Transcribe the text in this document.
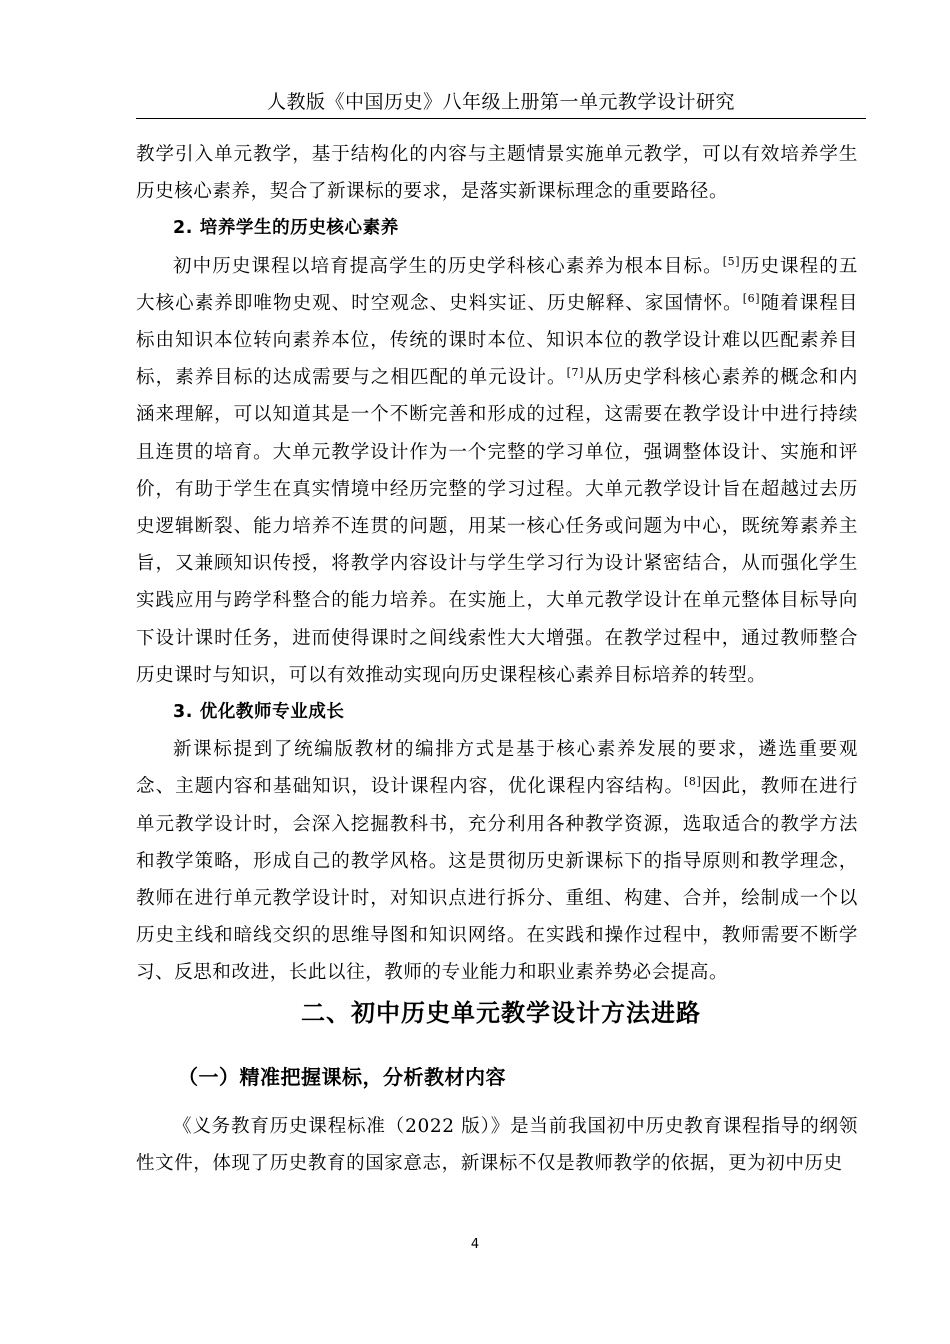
人教版《中国历史》八年级上册第一单元教学设计研究

教学引入单元教学，基于结构化的内容与主题情景实施单元教学，可以有效培养学生历史核心素养，契合了新课标的要求，是落实新课标理念的重要路径。

2. 培养学生的历史核心素养

初中历史课程以培育提高学生的历史学科核心素养为根本目标。[5]历史课程的五大核心素养即唯物史观、时空观念、史料实证、历史解释、家国情怀。[6]随着课程目标由知识本位转向素养本位，传统的课时本位、知识本位的教学设计难以匹配素养目标，素养目标的达成需要与之相匹配的单元设计。[7]从历史学科核心素养的概念和内涵来理解，可以知道其是一个不断完善和形成的过程，这需要在教学设计中进行持续且连贯的培育。大单元教学设计作为一个完整的学习单位，强调整体设计、实施和评价，有助于学生在真实情境中经历完整的学习过程。大单元教学设计旨在超越过去历史逻辑断裂、能力培养不连贯的问题，用某一核心任务或问题为中心，既统筹素养主旨，又兼顾知识传授，将教学内容设计与学生学习行为设计紧密结合，从而强化学生实践应用与跨学科整合的能力培养。在实施上，大单元教学设计在单元整体目标导向下设计课时任务，进而使得课时之间线索性大大增强。在教学过程中，通过教师整合历史课时与知识，可以有效推动实现向历史课程核心素养目标培养的转型。

3. 优化教师专业成长

新课标提到了统编版教材的编排方式是基于核心素养发展的要求，遴选重要观念、主题内容和基础知识，设计课程内容，优化课程内容结构。[8]因此，教师在进行单元教学设计时，会深入挖掘教科书，充分利用各种教学资源，选取适合的教学方法和教学策略，形成自己的教学风格。这是贯彻历史新课标下的指导原则和教学理念，教师在进行单元教学设计时，对知识点进行拆分、重组、构建、合并，绘制成一个以历史主线和暗线交织的思维导图和知识网络。在实践和操作过程中，教师需要不断学习、反思和改进，长此以往，教师的专业能力和职业素养势必会提高。

二、初中历史单元教学设计方法进路
（一）精准把握课标，分析教材内容

《义务教育历史课程标准（2022 版）》是当前我国初中历史教育课程指导的纲领性文件，体现了历史教育的国家意志，新课标不仅是教师教学的依据，更为初中历史

4
